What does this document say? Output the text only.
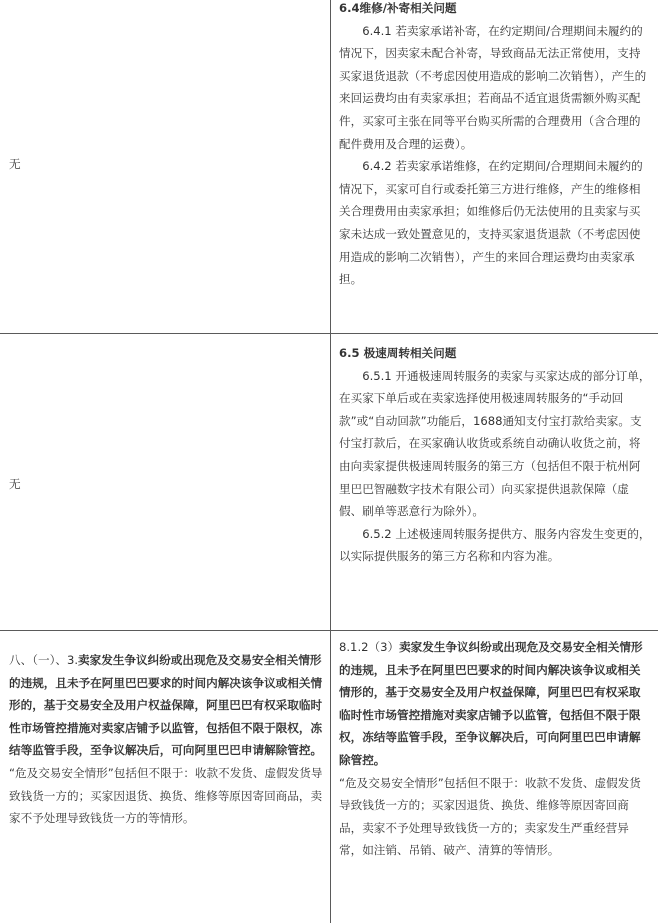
无

6.4维修/补寄相关问题

6.4.1 若卖家承诺补寄，在约定期间/合理期间未履约的情况下，因卖家未配合补寄，导致商品无法正常使用，支持买家退货退款（不考虑因使用造成的影响二次销售），产生的来回运费均由有卖家承担；若商品不适宜退货需额外购买配件，买家可主张在同等平台购买所需的合理费用（含合理的配件费用及合理的运费）。

6.4.2 若卖家承诺维修，在约定期间/合理期间未履约的情况下，买家可自行或委托第三方进行维修，产生的维修相关合理费用由卖家承担；如维修后仍无法使用的且卖家与买家未达成一致处置意见的，支持买家退货退款（不考虑因使用造成的影响二次销售），产生的来回合理运费均由卖家承担。

无

6.5 极速周转相关问题

6.5.1 开通极速周转服务的卖家与买家达成的部分订单，在买家下单后或在卖家选择使用极速周转服务的“手动回款”或“自动回款”功能后，1688通知支付宝打款给卖家。支付宝打款后，在买家确认收货或系统自动确认收货之前，将由向卖家提供极速周转服务的第三方（包括但不限于杭州阿里巴巴智融数字技术有限公司）向买家提供退款保障（虚假、刷单等恶意行为除外）。

6.5.2 上述极速周转服务提供方、服务内容发生变更的，以实际提供服务的第三方名称和内容为准。

八、（一）、3.卖家发生争议纠纷或出现危及交易安全相关情形的违规，且未予在阿里巴巴要求的时间内解决该争议或相关情形的，基于交易安全及用户权益保障，阿里巴巴有权采取临时性市场管控措施对卖家店铺予以监管，包括但不限于限权，冻结等监管手段，至争议解决后，可向阿里巴巴申请解除管控。

“危及交易安全情形”包括但不限于：收款不发货、虚假发货导致钱货一方的；买家因退货、换货、维修等原因寄回商品，卖家不予处理导致钱货一方的等情形。

8.1.2（3）卖家发生争议纠纷或出现危及交易安全相关情形的违规，且未予在阿里巴巴要求的时间内解决该争议或相关情形的，基于交易安全及用户权益保障，阿里巴巴有权采取临时性市场管控措施对卖家店铺予以监管，包括但不限于限权，冻结等监管手段，至争议解决后，可向阿里巴巴申请解除管控。

“危及交易安全情形”包括但不限于：收款不发货、虚假发货导致钱货一方的；买家因退货、换货、维修等原因寄回商品，卖家不予处理导致钱货一方的；卖家发生严重经营异常，如注销、吊销、破产、清算的等情形。
